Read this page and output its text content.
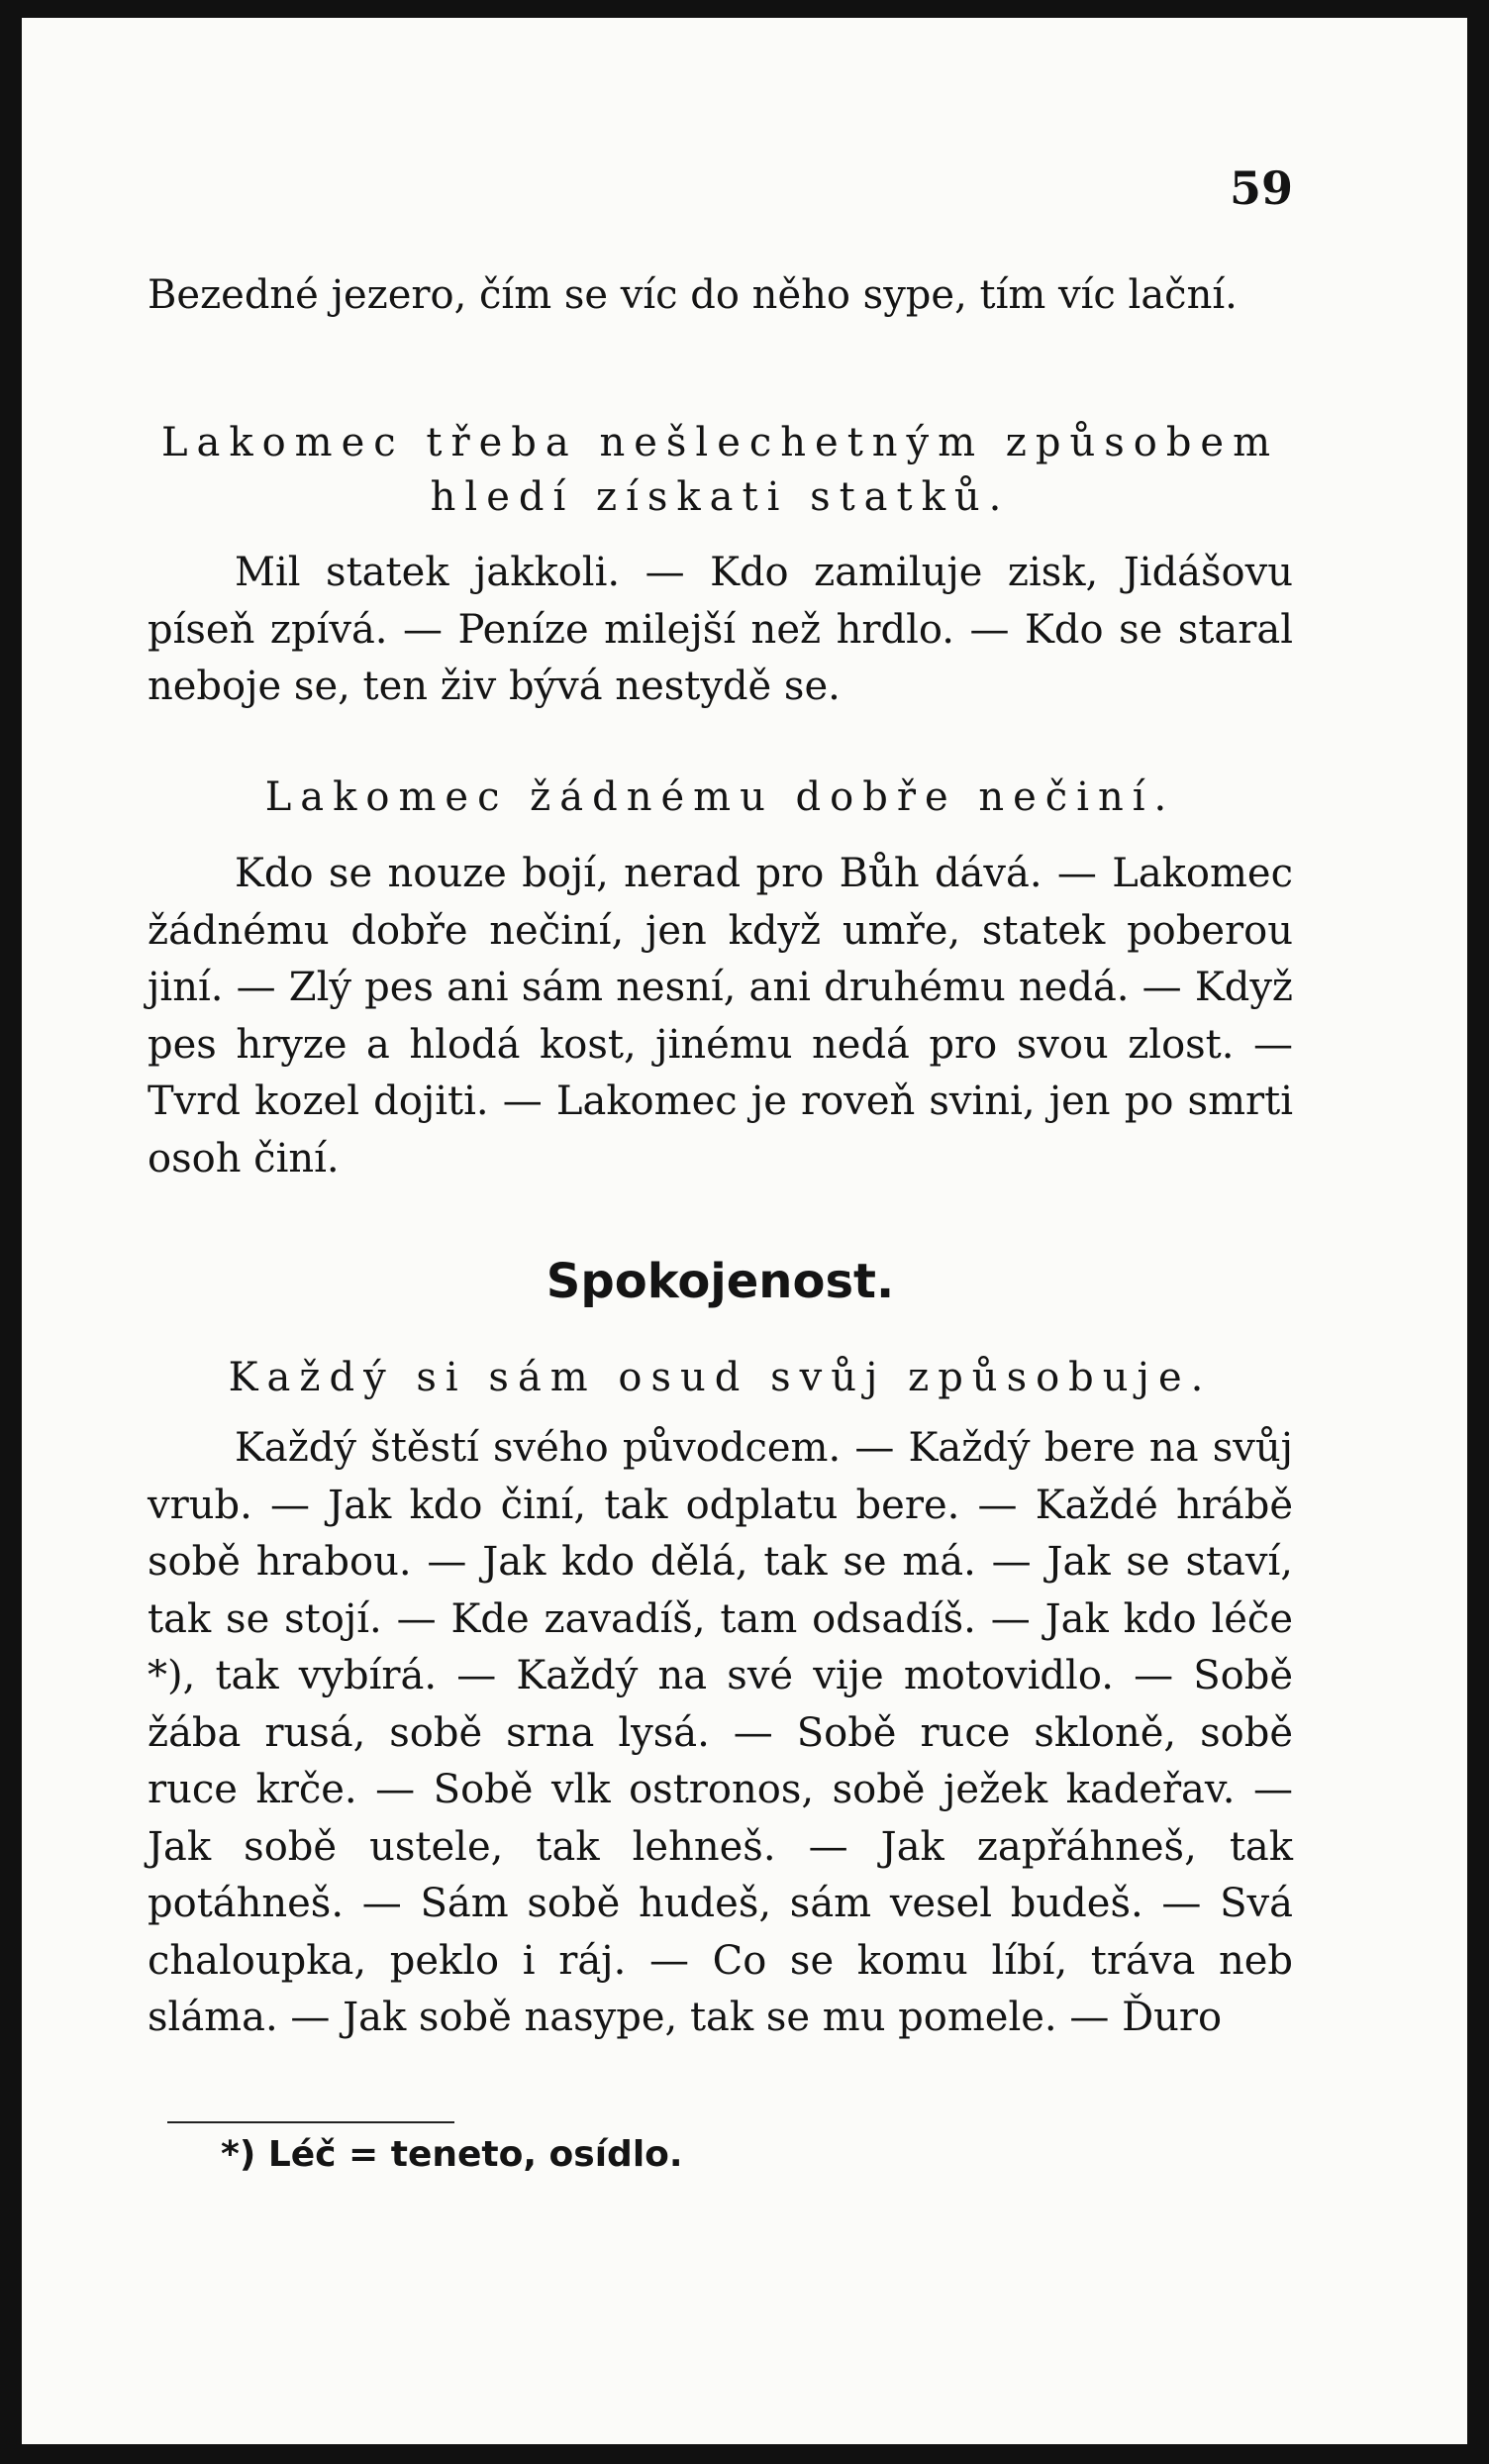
59

Bezedné jezero, čím se víc do něho sype, tím víc lační.

Lakomec třeba nešlechetným způsobem hledí získati statků.

Mil statek jakkoli. — Kdo zamiluje zisk, Jidášovu píseň zpívá. — Peníze milejší než hrdlo. — Kdo se staral neboje se, ten živ bývá nestydě se.

Lakomec žádnému dobře nečiní.

Kdo se nouze bojí, nerad pro Bůh dává. — Lakomec žádnému dobře nečiní, jen když umře, statek poberou jiní. — Zlý pes ani sám nesní, ani druhému nedá. — Když pes hryze a hlodá kost, jinému nedá pro svou zlost. — Tvrd kozel dojiti. — Lakomec je roveň svini, jen po smrti osoh činí.

Spokojenost.

Každý si sám osud svůj způsobuje.

Každý štěstí svého původcem. — Každý bere na svůj vrub. — Jak kdo činí, tak odplatu bere. — Každé hrábě sobě hrabou. — Jak kdo dělá, tak se má. — Jak se staví, tak se stojí. — Kde zavadíš, tam odsadíš. — Jak kdo léče *), tak vybírá. — Každý na své vije motovidlo. — Sobě žába rusá, sobě srna lysá. — Sobě ruce skloně, sobě ruce krče. — Sobě vlk ostronos, sobě ježek kadeřav. — Jak sobě ustele, tak lehneš. — Jak zapřáhneš, tak potáhneš. — Sám sobě hudeš, sám vesel budeš. — Svá chaloupka, peklo i ráj. — Co se komu líbí, tráva neb sláma. — Jak sobě nasype, tak se mu pomele. — Ďuro

*) Léč = teneto, osídlo.
